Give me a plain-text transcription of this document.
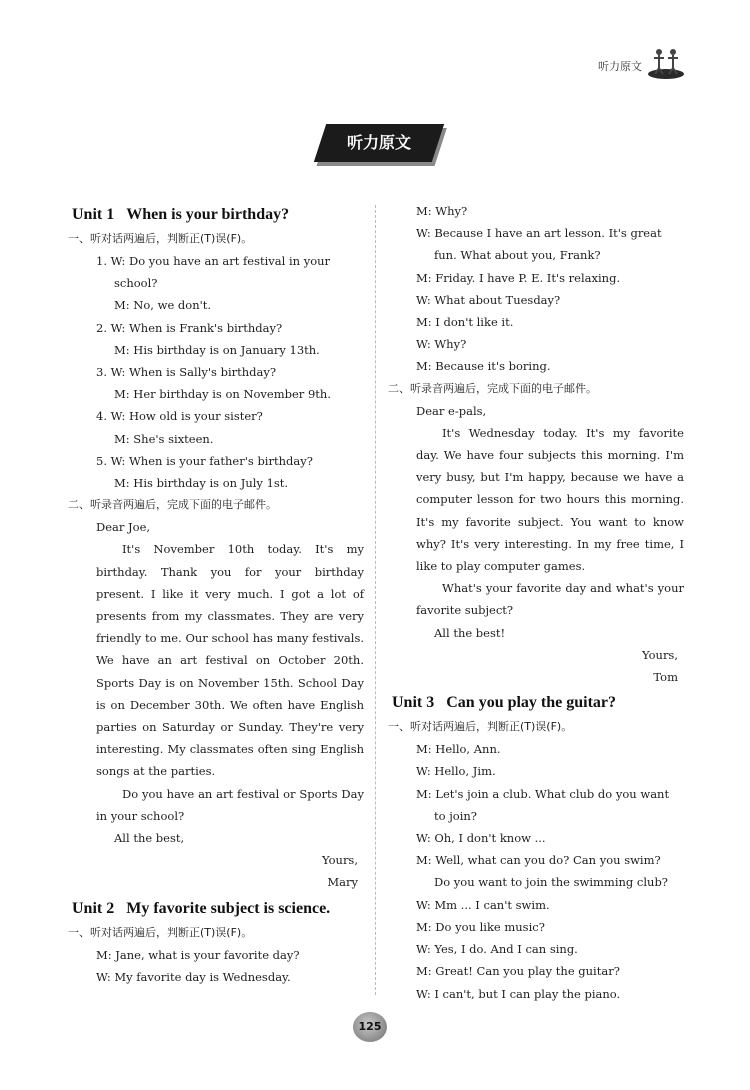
听力原文
听力原文
Unit 1 When is your birthday?
一、听对话两遍后，判断正(T)误(F)。
1. W: Do you have an art festival in your
school?
M: No, we don't.
2. W: When is Frank's birthday?
M: His birthday is on January 13th.
3. W: When is Sally's birthday?
M: Her birthday is on November 9th.
4. W: How old is your sister?
M: She's sixteen.
5. W: When is your father's birthday?
M: His birthday is on July 1st.
二、听录音两遍后，完成下面的电子邮件。
Dear Joe,
It's November 10th today. It's my birthday. Thank you for your birthday present. I like it very much. I got a lot of presents from my classmates. They are very friendly to me. Our school has many festivals. We have an art festival on October 20th. Sports Day is on November 15th. School Day is on December 30th. We often have English parties on Saturday or Sunday. They're very interesting. My classmates often sing English songs at the parties.
Do you have an art festival or Sports Day in your school?
All the best,
Yours,
Mary
Unit 2 My favorite subject is science.
一、听对话两遍后，判断正(T)误(F)。
M: Jane, what is your favorite day?
W: My favorite day is Wednesday.
M: Why?
W: Because I have an art lesson. It's great
fun. What about you, Frank?
M: Friday. I have P. E. It's relaxing.
W: What about Tuesday?
M: I don't like it.
W: Why?
M: Because it's boring.
二、听录音两遍后，完成下面的电子邮件。
Dear e-pals,
It's Wednesday today. It's my favorite day. We have four subjects this morning. I'm very busy, but I'm happy, because we have a computer lesson for two hours this morning. It's my favorite subject. You want to know why? It's very interesting. In my free time, I like to play computer games.
What's your favorite day and what's your favorite subject?
All the best!
Yours,
Tom
Unit 3 Can you play the guitar?
一、听对话两遍后，判断正(T)误(F)。
M: Hello, Ann.
W: Hello, Jim.
M: Let's join a club. What club do you want
to join?
W: Oh, I don't know ...
M: Well, what can you do? Can you swim?
Do you want to join the swimming club?
W: Mm ... I can't swim.
M: Do you like music?
W: Yes, I do. And I can sing.
M: Great! Can you play the guitar?
W: I can't, but I can play the piano.
125
